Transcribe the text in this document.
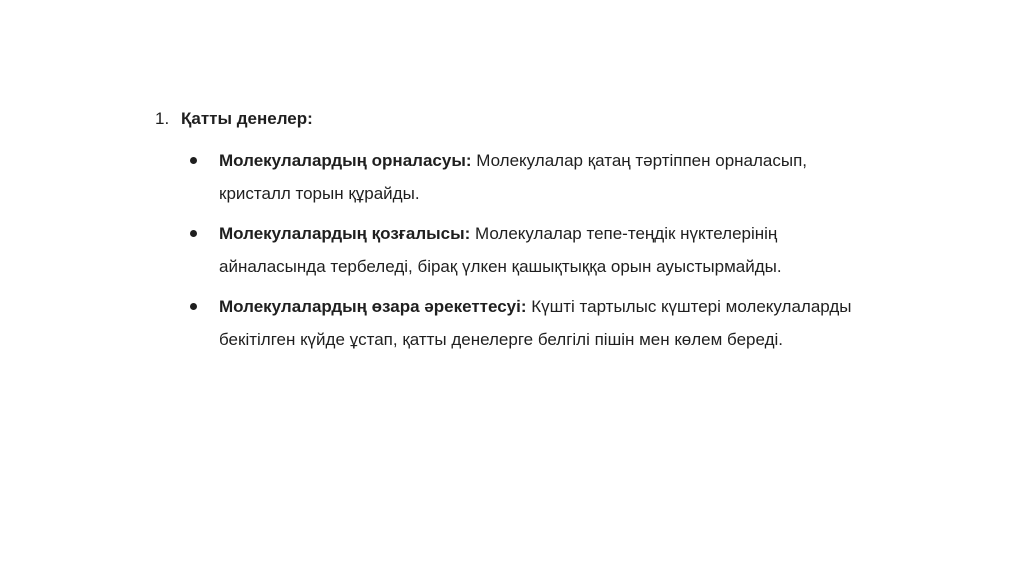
1. Қатты денелер:
Молекулалардың орналасуы: Молекулалар қатаң тәртіппен орналасып, кристалл торын құрайды.
Молекулалардың қозғалысы: Молекулалар тепе-теңдік нүктелерінің айналасында тербеледі, бірақ үлкен қашықтыққа орын ауыстырмайды.
Молекулалардың өзара әрекеттесуі: Күшті тартылыс күштері молекулаларды бекітілген күйде ұстап, қатты денелерге белгілі пішін мен көлем береді.
